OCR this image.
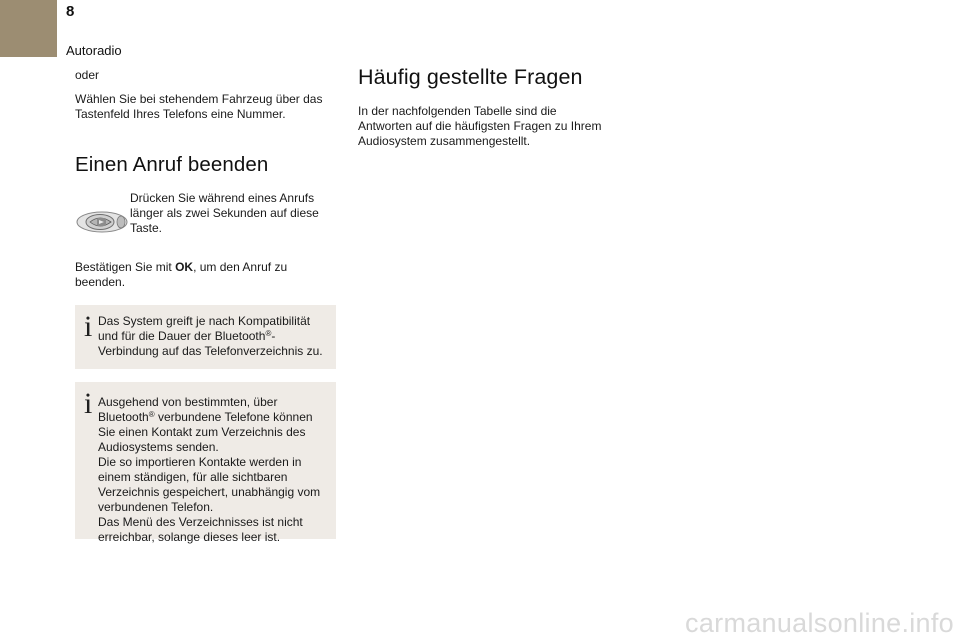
8
Autoradio

oder

Wählen Sie bei stehendem Fahrzeug über das Tastenfeld Ihres Telefons eine Nummer.

Einen Anruf beenden

Drücken Sie während eines Anrufs länger als zwei Sekunden auf diese Taste.

Bestätigen Sie mit OK, um den Anruf zu beenden.

i Das System greift je nach Kompatibilität und für die Dauer der Bluetooth®-Verbindung auf das Telefonverzeichnis zu.

i Ausgehend von bestimmten, über Bluetooth® verbundene Telefone können Sie einen Kontakt zum Verzeichnis des Audiosystems senden.
Die so importieren Kontakte werden in einem ständigen, für alle sichtbaren Verzeichnis gespeichert, unabhängig vom verbundenen Telefon.
Das Menü des Verzeichnisses ist nicht erreichbar, solange dieses leer ist.

Häufig gestellte Fragen

In der nachfolgenden Tabelle sind die Antworten auf die häufigsten Fragen zu Ihrem Audiosystem zusammengestellt.

carmanualsonline.info
